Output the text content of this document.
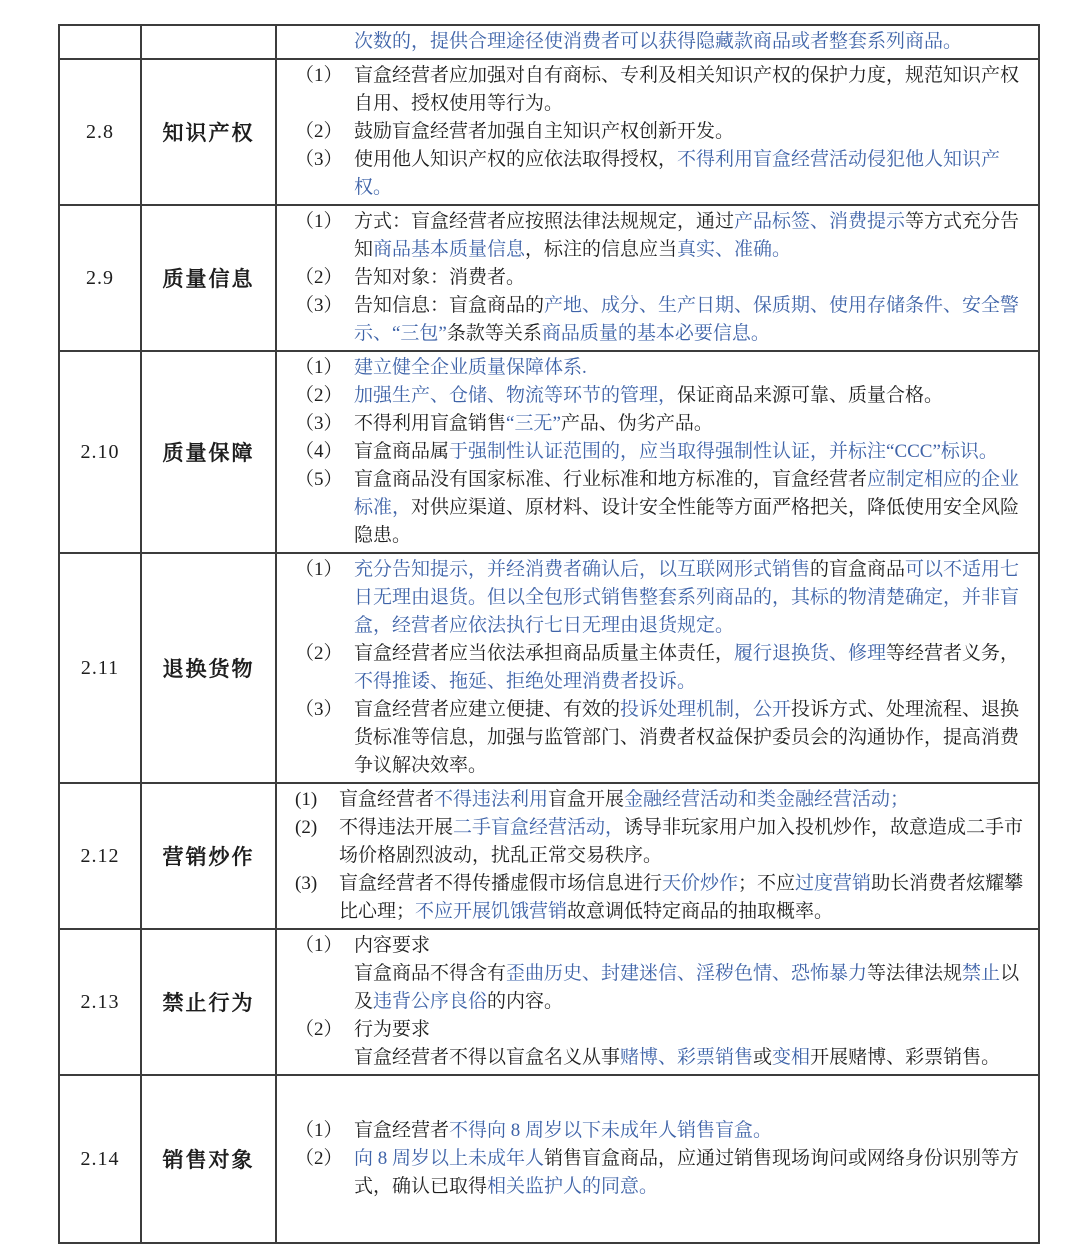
		次数的，提供合理途径使消费者可以获得隐藏款商品或者整套系列商品。

2.8	知识产权	
（1） 盲盒经营者应加强对自有商标、专利及相关知识产权的保护力度，规范知识产权自用、授权使用等行为。
（2） 鼓励盲盒经营者加强自主知识产权创新开发。
（3） 使用他人知识产权的应依法取得授权，不得利用盲盒经营活动侵犯他人知识产权。

2.9	质量信息	
（1） 方式：盲盒经营者应按照法律法规规定，通过产品标签、消费提示等方式充分告知商品基本质量信息，标注的信息应当真实、准确。
（2） 告知对象：消费者。
（3） 告知信息：盲盒商品的产地、成分、生产日期、保质期、使用存储条件、安全警示、“三包”条款等关系商品质量的基本必要信息。

2.10	质量保障	
（1） 建立健全企业质量保障体系.
（2） 加强生产、仓储、物流等环节的管理，保证商品来源可靠、质量合格。
（3） 不得利用盲盒销售“三无”产品、伪劣产品。
（4） 盲盒商品属于强制性认证范围的，应当取得强制性认证，并标注“CCC”标识。
（5） 盲盒商品没有国家标准、行业标准和地方标准的，盲盒经营者应制定相应的企业标准，对供应渠道、原材料、设计安全性能等方面严格把关，降低使用安全风险隐患。

2.11	退换货物	
（1） 充分告知提示，并经消费者确认后，以互联网形式销售的盲盒商品可以不适用七日无理由退货。但以全包形式销售整套系列商品的，其标的物清楚确定，并非盲盒，经营者应依法执行七日无理由退货规定。
（2） 盲盒经营者应当依法承担商品质量主体责任，履行退换货、修理等经营者义务，不得推诿、拖延、拒绝处理消费者投诉。
（3） 盲盒经营者应建立便捷、有效的投诉处理机制，公开投诉方式、处理流程、退换货标准等信息，加强与监管部门、消费者权益保护委员会的沟通协作，提高消费争议解决效率。

2.12	营销炒作	
(1)	盲盒经营者不得违法利用盲盒开展金融经营活动和类金融经营活动；
(2)	不得违法开展二手盲盒经营活动，诱导非玩家用户加入投机炒作，故意造成二手市场价格剧烈波动，扰乱正常交易秩序。
(3)	盲盒经营者不得传播虚假市场信息进行天价炒作；不应过度营销助长消费者炫耀攀比心理；不应开展饥饿营销故意调低特定商品的抽取概率。

2.13	禁止行为	
（1） 内容要求
盲盒商品不得含有歪曲历史、封建迷信、淫秽色情、恐怖暴力等法律法规禁止以及违背公序良俗的内容。
（2） 行为要求
盲盒经营者不得以盲盒名义从事赌博、彩票销售或变相开展赌博、彩票销售。

2.14	销售对象	（1） 盲盒经营者不得向 8 周岁以下未成年人销售盲盒。
（2） 向 8 周岁以上未成年人销售盲盒商品，应通过销售现场询问或网络身份识别等方式，确认已取得相关监护人的同意。
